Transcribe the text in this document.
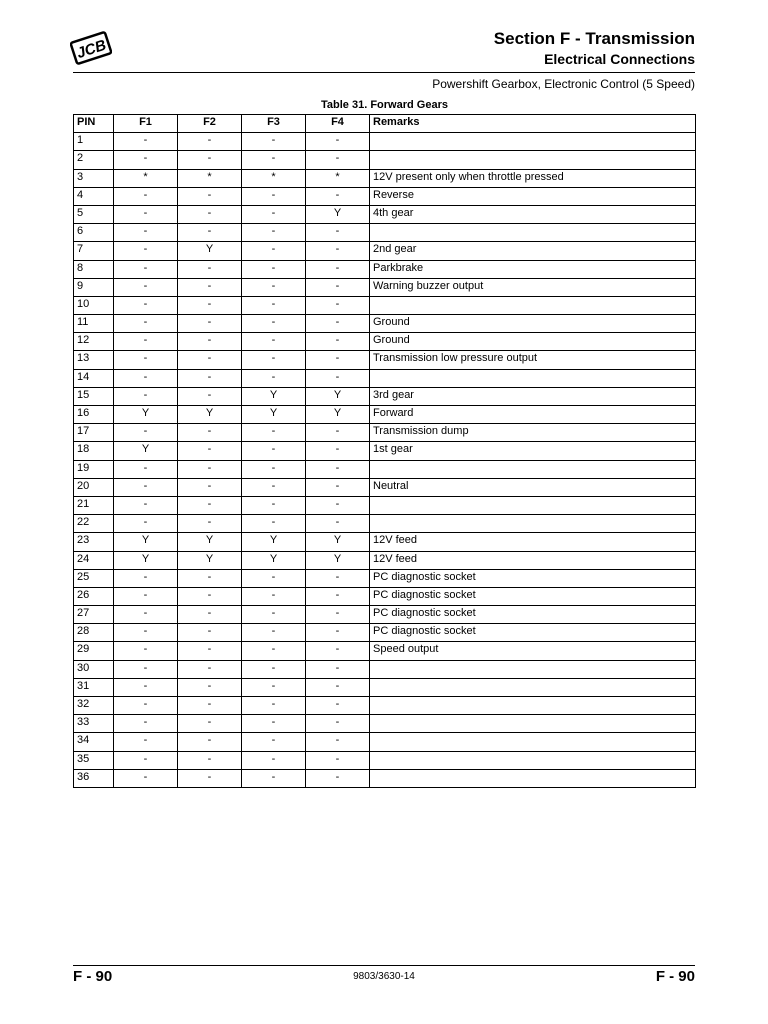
JCB	Section F - Transmission
Electrical Connections
Powershift Gearbox, Electronic Control (5 Speed)
Table 31. Forward Gears
PIN	F1	F2	F3	F4	Remarks
1	-	-	-	-	
2	-	-	-	-	
3	*	*	*	*	12V present only when throttle pressed
4	-	-	-	-	Reverse
5	-	-	-	Y	4th gear
6	-	-	-	-	
7	-	Y	-	-	2nd gear
8	-	-	-	-	Parkbrake
9	-	-	-	-	Warning buzzer output
10	-	-	-	-	
11	-	-	-	-	Ground
12	-	-	-	-	Ground
13	-	-	-	-	Transmission low pressure output
14	-	-	-	-	
15	-	-	Y	Y	3rd gear
16	Y	Y	Y	Y	Forward
17	-	-	-	-	Transmission dump
18	Y	-	-	-	1st gear
19	-	-	-	-	
20	-	-	-	-	Neutral
21	-	-	-	-	
22	-	-	-	-	
23	Y	Y	Y	Y	12V feed
24	Y	Y	Y	Y	12V feed
25	-	-	-	-	PC diagnostic socket
26	-	-	-	-	PC diagnostic socket
27	-	-	-	-	PC diagnostic socket
28	-	-	-	-	PC diagnostic socket
29	-	-	-	-	Speed output
30	-	-	-	-	
31	-	-	-	-	
32	-	-	-	-	
33	-	-	-	-	
34	-	-	-	-	
35	-	-	-	-	
36	-	-	-	-	
F - 90	9803/3630-14	F - 90
